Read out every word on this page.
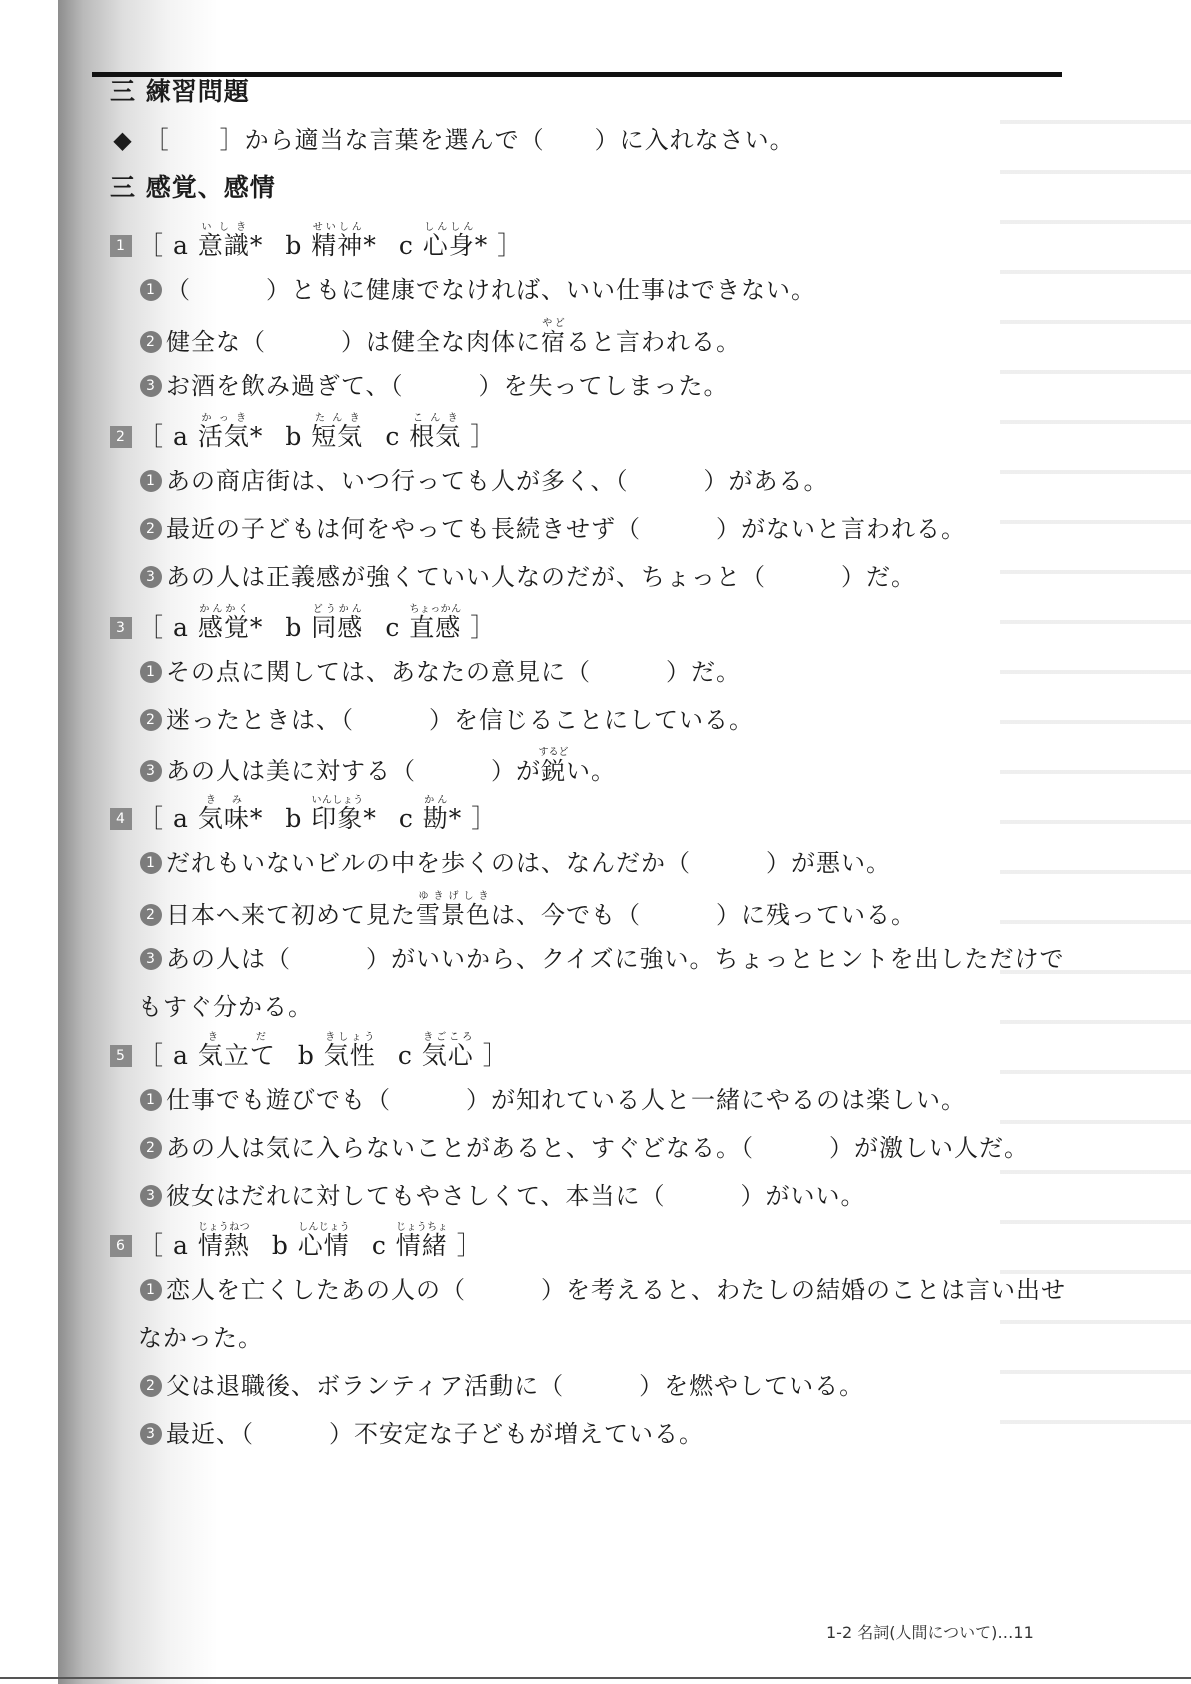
三 練習問題
◆ ［　　］から適当な言葉を選んで（　　）に入れなさい。
三 感覚、感情
1 ［ a 意識いしき* b 精神せいしん* c 心身しんしん* ］
1 （　　　）ともに健康でなければ、いい仕事はできない。
2 健全な（　　　）は健全な肉体に宿やどると言われる。
3 お酒を飲み過ぎて、（　　　）を失ってしまった。
2 ［ a 活気かっき* b 短気たんきc 根気こんき ］
1 あの商店街は、いつ行っても人が多く、（　　　）がある。
2 最近の子どもは何をやっても長続きせず（　　　）がないと言われる。
3 あの人は正義感が強くていい人なのだが、ちょっと（　　　）だ。
3 ［ a 感覚かんかく* b 同感どうかんc 直感ちょっかん ］
1 その点に関しては、あなたの意見に（　　　）だ。
2 迷ったときは、（　　　）を信じることにしている。
3 あの人は美に対する（　　　）が鋭するどい。
4 ［ a 気味きみ* b 印象いんしょう* c 勘かん* ］
1 だれもいないビルの中を歩くのは、なんだか（　　　）が悪い。
2 日本へ来て初めて見た雪景色ゆきげしきは、今でも（　　　）に残っている。
3 あの人は（　　　）がいいから、クイズに強い。ちょっとヒントを出しただけで
もすぐ分かる。
5 ［ a 気立てきだb 気性きしょうc 気心きごころ ］
1 仕事でも遊びでも（　　　）が知れている人と一緒にやるのは楽しい。
2 あの人は気に入らないことがあると、すぐどなる。（　　　）が激しい人だ。
3 彼女はだれに対してもやさしくて、本当に（　　　）がいい。
6 ［ a 情熱じょうねつb 心情しんじょうc 情緒じょうちょ ］
1 恋人を亡くしたあの人の（　　　）を考えると、わたしの結婚のことは言い出せ
なかった。
2 父は退職後、ボランティア活動に（　　　）を燃やしている。
3 最近、（　　　）不安定な子どもが増えている。
1-2 名詞(人間について)…11
